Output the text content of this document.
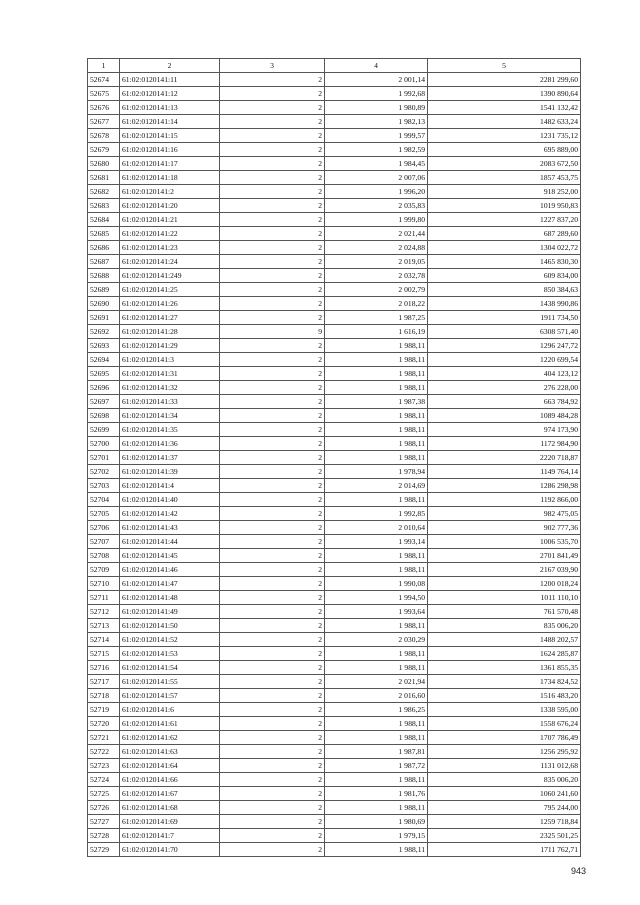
1	2	3	4	5
52674	61:02:0120141:11	2	2 001,14	2281 299,60
52675	61:02:0120141:12	2	1 992,68	1390 890,64
52676	61:02:0120141:13	2	1 980,89	1541 132,42
52677	61:02:0120141:14	2	1 982,13	1482 633,24
52678	61:02:0120141:15	2	1 999,57	1231 735,12
52679	61:02:0120141:16	2	1 982,59	695 889,00
52680	61:02:0120141:17	2	1 984,45	2083 672,50
52681	61:02:0120141:18	2	2 007,06	1857 453,75
52682	61:02:0120141:2	2	1 996,20	918 252,00
52683	61:02:0120141:20	2	2 035,83	1019 950,83
52684	61:02:0120141:21	2	1 999,80	1227 837,20
52685	61:02:0120141:22	2	2 021,44	687 289,60
52686	61:02:0120141:23	2	2 024,88	1304 022,72
52687	61:02:0120141:24	2	2 019,05	1465 830,30
52688	61:02:0120141:249	2	2 032,78	609 834,00
52689	61:02:0120141:25	2	2 002,79	850 384,63
52690	61:02:0120141:26	2	2 018,22	1438 990,86
52691	61:02:0120141:27	2	1 987,25	1911 734,50
52692	61:02:0120141:28	9	1 616,19	6308 571,40
52693	61:02:0120141:29	2	1 988,11	1296 247,72
52694	61:02:0120141:3	2	1 988,11	1220 699,54
52695	61:02:0120141:31	2	1 988,11	404 123,12
52696	61:02:0120141:32	2	1 988,11	276 228,00
52697	61:02:0120141:33	2	1 987,38	663 784,92
52698	61:02:0120141:34	2	1 988,11	1089 484,28
52699	61:02:0120141:35	2	1 988,11	974 173,90
52700	61:02:0120141:36	2	1 988,11	1172 984,90
52701	61:02:0120141:37	2	1 988,11	2220 718,87
52702	61:02:0120141:39	2	1 978,94	1149 764,14
52703	61:02:0120141:4	2	2 014,69	1286 298,98
52704	61:02:0120141:40	2	1 988,11	1192 866,00
52705	61:02:0120141:42	2	1 992,85	982 475,05
52706	61:02:0120141:43	2	2 010,64	902 777,36
52707	61:02:0120141:44	2	1 993,14	1006 535,70
52708	61:02:0120141:45	2	1 988,11	2701 841,49
52709	61:02:0120141:46	2	1 988,11	2167 039,90
52710	61:02:0120141:47	2	1 990,08	1200 018,24
52711	61:02:0120141:48	2	1 994,50	1011 110,10
52712	61:02:0120141:49	2	1 993,64	761 570,48
52713	61:02:0120141:50	2	1 988,11	835 006,20
52714	61:02:0120141:52	2	2 030,29	1488 202,57
52715	61:02:0120141:53	2	1 988,11	1624 285,87
52716	61:02:0120141:54	2	1 988,11	1361 855,35
52717	61:02:0120141:55	2	2 021,94	1734 824,52
52718	61:02:0120141:57	2	2 016,60	1516 483,20
52719	61:02:0120141:6	2	1 986,25	1338 595,00
52720	61:02:0120141:61	2	1 988,11	1558 676,24
52721	61:02:0120141:62	2	1 988,11	1707 786,49
52722	61:02:0120141:63	2	1 987,81	1256 295,92
52723	61:02:0120141:64	2	1 987,72	1131 012,68
52724	61:02:0120141:66	2	1 988,11	835 006,20
52725	61:02:0120141:67	2	1 981,76	1060 241,60
52726	61:02:0120141:68	2	1 988,11	795 244,00
52727	61:02:0120141:69	2	1 980,69	1259 718,84
52728	61:02:0120141:7	2	1 979,15	2325 501,25
52729	61:02:0120141:70	2	1 988,11	1711 762,71
943
